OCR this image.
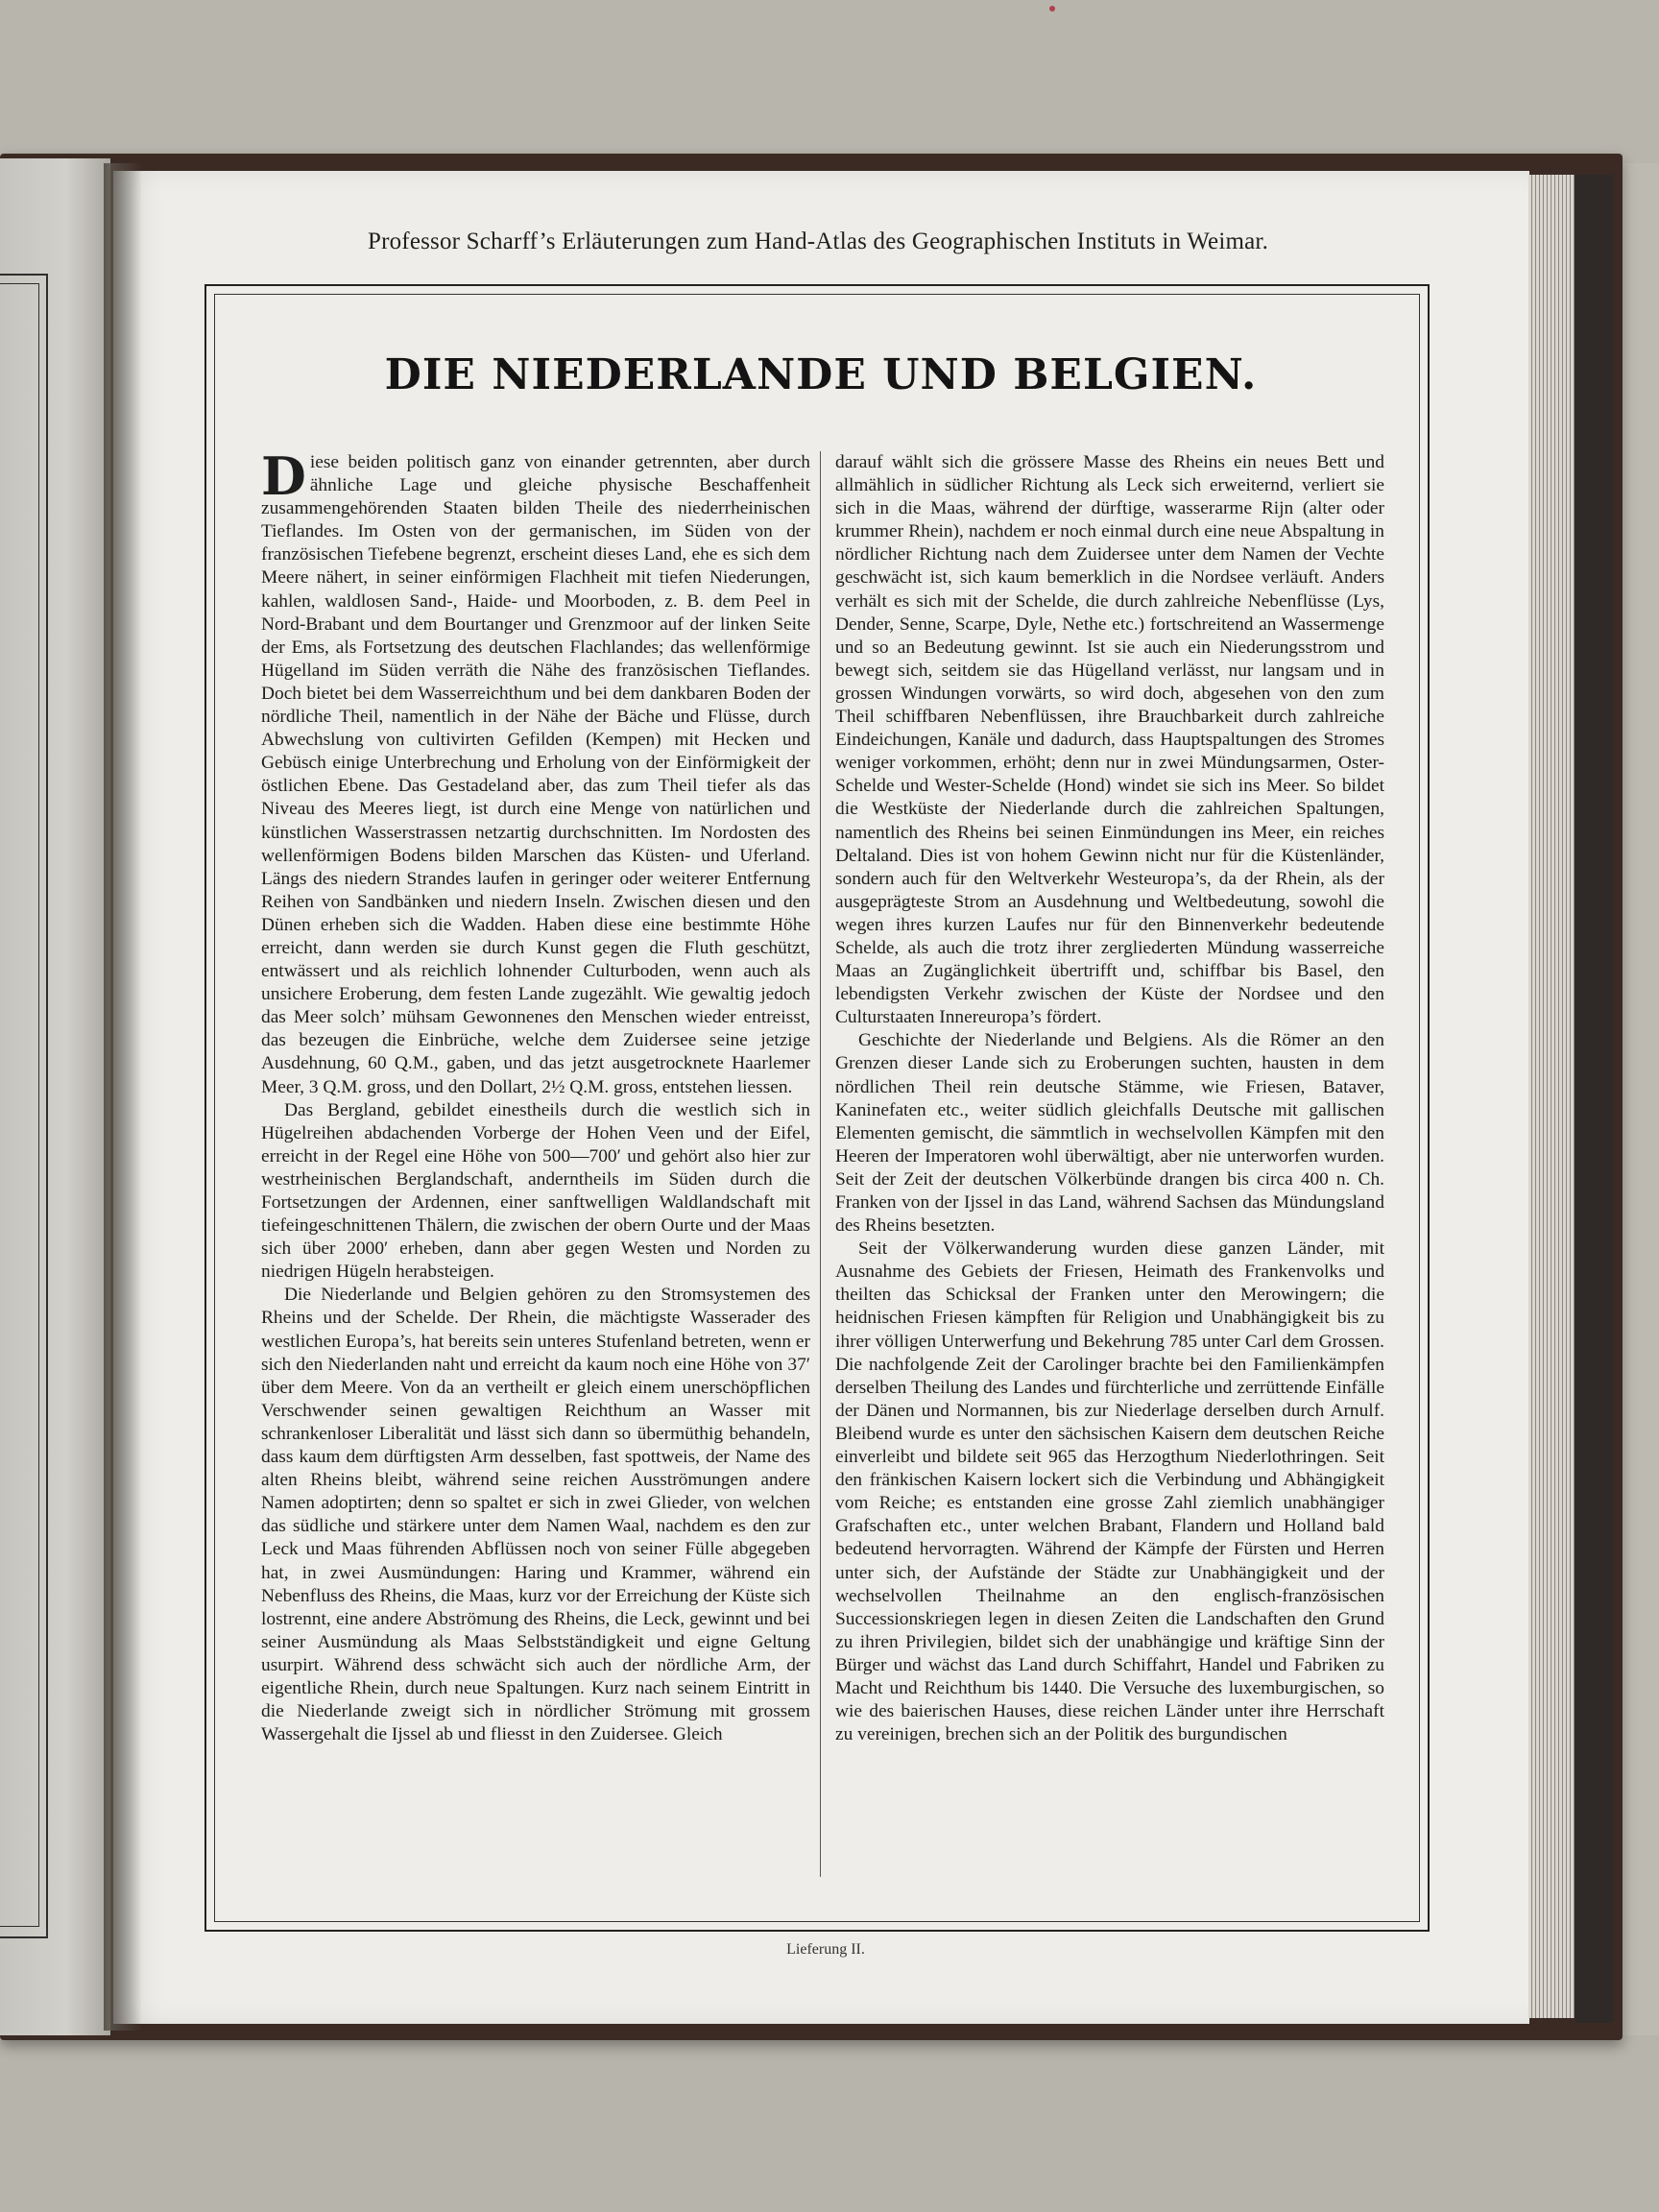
Professor Scharff’s Erläuterungen zum Hand-Atlas des Geographischen Instituts in Weimar.
DIE NIEDERLANDE UND BELGIEN.

D iese beiden politisch ganz von einander getrennten, aber durch ähnliche Lage und gleiche physische Beschaffenheit zusammengehörenden Staaten bilden Theile des niederrheinischen Tieflandes. Im Osten von der germanischen, im Süden von der französischen Tiefebene begrenzt, erscheint dieses Land, ehe es sich dem Meere nähert, in seiner einförmigen Flachheit mit tiefen Niederungen, kahlen, waldlosen Sand-, Haide- und Moorboden, z. B. dem Peel in Nord-Brabant und dem Bourtanger und Grenzmoor auf der linken Seite der Ems, als Fortsetzung des deutschen Flachlandes; das wellenförmige Hügelland im Süden verräth die Nähe des französischen Tieflandes. Doch bietet bei dem Wasserreichthum und bei dem dankbaren Boden der nördliche Theil, namentlich in der Nähe der Bäche und Flüsse, durch Abwechslung von cultivirten Gefilden (Kempen) mit Hecken und Gebüsch einige Unterbrechung und Erholung von der Einförmigkeit der östlichen Ebene. Das Gestadeland aber, das zum Theil tiefer als das Niveau des Meeres liegt, ist durch eine Menge von natürlichen und künstlichen Wasserstrassen netzartig durchschnitten. Im Nordosten des wellenförmigen Bodens bilden Marschen das Küsten- und Uferland. Längs des niedern Strandes laufen in geringer oder weiterer Entfernung Reihen von Sandbänken und niedern Inseln. Zwischen diesen und den Dünen erheben sich die Wadden. Haben diese eine bestimmte Höhe erreicht, dann werden sie durch Kunst gegen die Fluth geschützt, entwässert und als reichlich lohnender Culturboden, wenn auch als unsichere Eroberung, dem festen Lande zugezählt. Wie gewaltig jedoch das Meer solch’ mühsam Gewonnenes den Menschen wieder entreisst, das bezeugen die Einbrüche, welche dem Zuidersee seine jetzige Ausdehnung, 60 Q.M., gaben, und das jetzt ausgetrocknete Haarlemer Meer, 3 Q.M. gross, und den Dollart, 2½ Q.M. gross, entstehen liessen.

Das Bergland, gebildet einestheils durch die westlich sich in Hügelreihen abdachenden Vorberge der Hohen Veen und der Eifel, erreicht in der Regel eine Höhe von 500—700′ und gehört also hier zur westrheinischen Berglandschaft, anderntheils im Süden durch die Fortsetzungen der Ardennen, einer sanftwelligen Waldlandschaft mit tiefeingeschnittenen Thälern, die zwischen der obern Ourte und der Maas sich über 2000′ erheben, dann aber gegen Westen und Norden zu niedrigen Hügeln herabsteigen.

Die Niederlande und Belgien gehören zu den Stromsystemen des Rheins und der Schelde. Der Rhein, die mächtigste Wasserader des westlichen Europa’s, hat bereits sein unteres Stufenland betreten, wenn er sich den Niederlanden naht und erreicht da kaum noch eine Höhe von 37′ über dem Meere. Von da an vertheilt er gleich einem unerschöpflichen Verschwender seinen gewaltigen Reichthum an Wasser mit schrankenloser Liberalität und lässt sich dann so übermüthig behandeln, dass kaum dem dürftigsten Arm desselben, fast spottweis, der Name des alten Rheins bleibt, während seine reichen Ausströmungen andere Namen adoptirten; denn so spaltet er sich in zwei Glieder, von welchen das südliche und stärkere unter dem Namen Waal, nachdem es den zur Leck und Maas führenden Abflüssen noch von seiner Fülle abgegeben hat, in zwei Ausmündungen: Haring und Krammer, während ein Nebenfluss des Rheins, die Maas, kurz vor der Erreichung der Küste sich lostrennt, eine andere Abströmung des Rheins, die Leck, gewinnt und bei seiner Ausmündung als Maas Selbstständigkeit und eigne Geltung usurpirt. Während dess schwächt sich auch der nördliche Arm, der eigentliche Rhein, durch neue Spaltungen. Kurz nach seinem Eintritt in die Niederlande zweigt sich in nördlicher Strömung mit grossem Wassergehalt die Ijssel ab und fliesst in den Zuidersee. Gleich

darauf wählt sich die grössere Masse des Rheins ein neues Bett und allmählich in südlicher Richtung als Leck sich erweiternd, verliert sie sich in die Maas, während der dürftige, wasserarme Rijn (alter oder krummer Rhein), nachdem er noch einmal durch eine neue Abspaltung in nördlicher Richtung nach dem Zuidersee unter dem Namen der Vechte geschwächt ist, sich kaum bemerklich in die Nordsee verläuft. Anders verhält es sich mit der Schelde, die durch zahlreiche Nebenflüsse (Lys, Dender, Senne, Scarpe, Dyle, Nethe etc.) fortschreitend an Wassermenge und so an Bedeutung gewinnt. Ist sie auch ein Niederungsstrom und bewegt sich, seitdem sie das Hügelland verlässt, nur langsam und in grossen Windungen vorwärts, so wird doch, abgesehen von den zum Theil schiffbaren Nebenflüssen, ihre Brauchbarkeit durch zahlreiche Eindeichungen, Kanäle und dadurch, dass Hauptspaltungen des Stromes weniger vorkommen, erhöht; denn nur in zwei Mündungsarmen, Oster-Schelde und Wester-Schelde (Hond) windet sie sich ins Meer. So bildet die Westküste der Niederlande durch die zahlreichen Spaltungen, namentlich des Rheins bei seinen Einmündungen ins Meer, ein reiches Deltaland. Dies ist von hohem Gewinn nicht nur für die Küstenländer, sondern auch für den Weltverkehr Westeuropa’s, da der Rhein, als der ausgeprägteste Strom an Ausdehnung und Weltbedeutung, sowohl die wegen ihres kurzen Laufes nur für den Binnenverkehr bedeutende Schelde, als auch die trotz ihrer zergliederten Mündung wasserreiche Maas an Zugänglichkeit übertrifft und, schiffbar bis Basel, den lebendigsten Verkehr zwischen der Küste der Nordsee und den Culturstaaten Innereuropa’s fördert.

Geschichte der Niederlande und Belgiens. Als die Römer an den Grenzen dieser Lande sich zu Eroberungen suchten, hausten in dem nördlichen Theil rein deutsche Stämme, wie Friesen, Bataver, Kaninefaten etc., weiter südlich gleichfalls Deutsche mit gallischen Elementen gemischt, die sämmtlich in wechselvollen Kämpfen mit den Heeren der Imperatoren wohl überwältigt, aber nie unterworfen wurden. Seit der Zeit der deutschen Völkerbünde drangen bis circa 400 n. Ch. Franken von der Ijssel in das Land, während Sachsen das Mündungsland des Rheins besetzten.

Seit der Völkerwanderung wurden diese ganzen Länder, mit Ausnahme des Gebiets der Friesen, Heimath des Frankenvolks und theilten das Schicksal der Franken unter den Merowingern; die heidnischen Friesen kämpften für Religion und Unabhängigkeit bis zu ihrer völligen Unterwerfung und Bekehrung 785 unter Carl dem Grossen. Die nachfolgende Zeit der Carolinger brachte bei den Familienkämpfen derselben Theilung des Landes und fürchterliche und zerrüttende Einfälle der Dänen und Normannen, bis zur Niederlage derselben durch Arnulf. Bleibend wurde es unter den sächsischen Kaisern dem deutschen Reiche einverleibt und bildete seit 965 das Herzogthum Niederlothringen. Seit den fränkischen Kaisern lockert sich die Verbindung und Abhängigkeit vom Reiche; es entstanden eine grosse Zahl ziemlich unabhängiger Grafschaften etc., unter welchen Brabant, Flandern und Holland bald bedeutend hervorragten. Während der Kämpfe der Fürsten und Herren unter sich, der Aufstände der Städte zur Unabhängigkeit und der wechselvollen Theilnahme an den englisch-französischen Successionskriegen legen in diesen Zeiten die Landschaften den Grund zu ihren Privilegien, bildet sich der unabhängige und kräftige Sinn der Bürger und wächst das Land durch Schiffahrt, Handel und Fabriken zu Macht und Reichthum bis 1440. Die Versuche des luxemburgischen, so wie des baierischen Hauses, diese reichen Länder unter ihre Herrschaft zu vereinigen, brechen sich an der Politik des burgundischen

Lieferung II.
